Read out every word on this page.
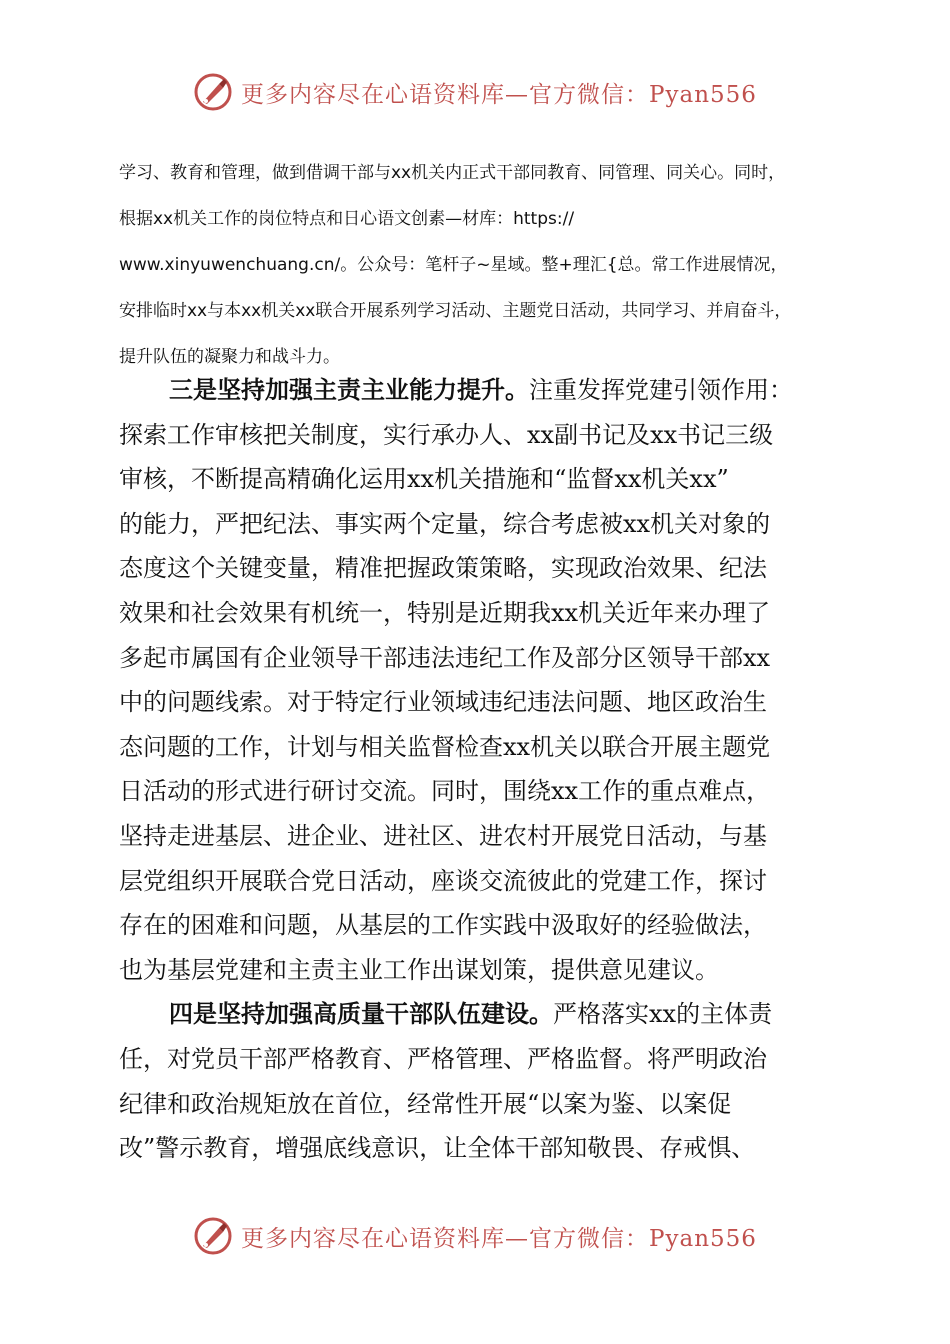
更多内容尽在心语资料库—官方微信：Pyan556
学习、教育和管理，做到借调干部与xx机关内正式干部同教育、同管理、同关心。同时，
根据xx机关工作的岗位特点和日心语文创素—材库：https://
www.xinyuwenchuang.cn/。公众号：笔杆子~星域。整+理汇{总。常工作进展情况，
安排临时xx与本xx机关xx联合开展系列学习活动、主题党日活动，共同学习、并肩奋斗，
提升队伍的凝聚力和战斗力。
三是坚持加强主责主业能力提升。注重发挥党建引领作用：
探索工作审核把关制度，实行承办人、xx副书记及xx书记三级
审核，不断提高精确化运用xx机关措施和“监督xx机关xx”
的能力，严把纪法、事实两个定量，综合考虑被xx机关对象的
态度这个关键变量，精准把握政策策略，实现政治效果、纪法
效果和社会效果有机统一，特别是近期我xx机关近年来办理了
多起市属国有企业领导干部违法违纪工作及部分区领导干部xx
中的问题线索。对于特定行业领域违纪违法问题、地区政治生
态问题的工作，计划与相关监督检查xx机关以联合开展主题党
日活动的形式进行研讨交流。同时，围绕xx工作的重点难点，
坚持走进基层、进企业、进社区、进农村开展党日活动，与基
层党组织开展联合党日活动，座谈交流彼此的党建工作，探讨
存在的困难和问题，从基层的工作实践中汲取好的经验做法，
也为基层党建和主责主业工作出谋划策，提供意见建议。
四是坚持加强高质量干部队伍建设。严格落实xx的主体责
任，对党员干部严格教育、严格管理、严格监督。将严明政治
纪律和政治规矩放在首位，经常性开展“以案为鉴、以案促
改”警示教育，增强底线意识，让全体干部知敬畏、存戒惧、
更多内容尽在心语资料库—官方微信：Pyan556
